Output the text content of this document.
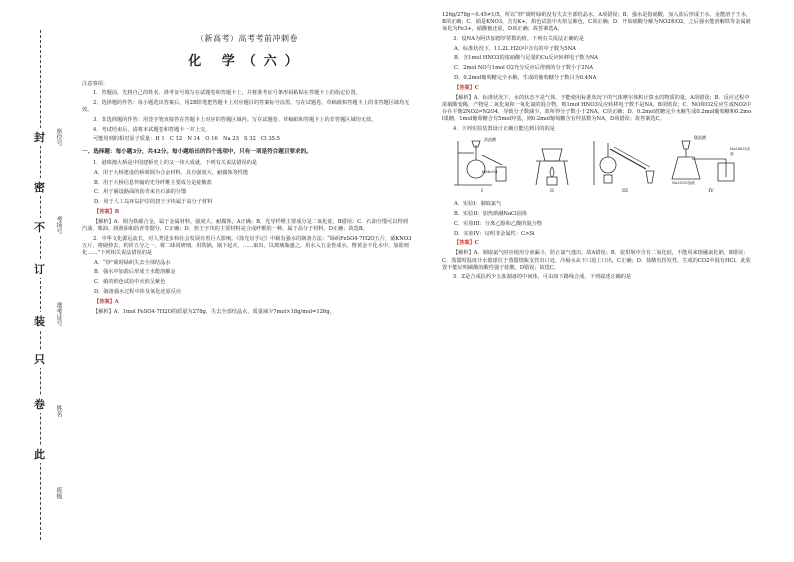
封
密
不
订
装
只
卷
此
座位号
考场号
准考证号
姓名
班级
（新高考）高考考前冲刺卷
化 学（六）

注意事项：

1．答题前，先将自己的姓名、准考证号填写在试题卷和答题卡上，并将准考证号条形码粘贴在答题卡上的指定位置。

2．选择题的作答：每小题选出答案后，用2B铅笔把答题卡上对应题目的答案标号涂黑，写在试题卷、草稿纸和答题卡上的非答题区域均无效。

3．非选择题的作答：用签字笔直接答在答题卡上对应的答题区域内。写在试题卷、草稿纸和答题卡上的非答题区域均无效。

4．考试结束后，请将本试题卷和答题卡一并上交。

可能用到的相对原子质量：H 1　C 12　N 14　O 16　Na 23　S 32　Cl 35.5

一、选择题：每小题3分，共42分。每小题给出的四个选项中，只有一项是符合题目要求的。

1．港珠澳大桥是中国建桥史上的又一伟大成就，下列有关说法错误的是

A．用于大桥建设的桥梁钢为合金材料，具有强度大、耐腐蚀等性能

B．用于大桥信息传输的光导纤维主要成分是硅酸盐

C．用于铺设路面的沥青来自石油的分馏

D．用于人工岛环岛护岸的扭王字块属于高分子材料

【答案】B

【解析】A．钢为铁碳合金，属于金属材料，强度大、耐腐蚀，A正确；B．光导纤维主要成分是二氧化硅，B错误；C．石油分馏可以得到汽油、柴油、润滑油和沥青等馏分，C正确；D．扭王字块的主要材料是合成纤维的一种，属于高分子材料，D正确；故选B。

2．中华文化源远流长，对人类进步和社会发展有着巨大影响。《徐光启手记》中载有强水的制备方法：“绿矾FeSO4·7H2O五斤，硝KNO3五斤，将砚炒去，约折五分之一。将二味同研细，用铁锅，锅下起火，……取出，以玻璃瓶盛之，用水入五金皆成水，惟黄金不化水中，加盐则化……”下列相关说法错误的是

A．“炒”砚时绿矾失去全部结晶水

B．强水中加盐后形成王水能溶解金

C．硝的焰色试验中火焰呈紫色

D．制备强水过程中涉及氧化还原反应

【答案】A

【解析】A．1mol FeSO4·7H2O的质量为278g，失去全部结晶水，质量减少7mol×18g/mol=126g，

126g/278g＝0.45≠1/5，所以“炒”砚时绿矾没有失去全部结晶水，A项错误；B．强水是指硝酸，加入盐后形成王水，金能溶于王水，B项正确；C．硝是KNO3，含有K+，焰色试验中火焰呈紫色，C项正确；D．开始硝酸分解为NO2和O2，之后强水能溶解铁等金属被氧化为Fe3+，硝酸被还原，D项正确；故答案选A。

3．设NA为阿伏加德罗常数的值。下列有关说法正确的是

A．标准状况下，11.2L H2O中含有的中子数为5NA

B．含1mol HNO3的浓硝酸与足量的Cu反应转移电子数为NA

C．2mol NO与1mol O2充分反应后得到的分子数小于2NA

D．0.2mol葡萄糖完全水解，生成的葡萄糖分子数目为0.4NA

【答案】C

【解析】A．标准状况下，水的状态不是气体，不能使用标准状况下的气体摩尔体积计算水的物质的量，A项错误；B．反应过程中浓硝酸变稀，产物是二氧化氮和一氧化氮的混合物，则1mol HNO3反应转移电子数不是NA，B项错误；C．NO和O2反应生成NO2中存在平衡2NO2⇌N2O4，导致分子数减少，故所得分子数小于2NA，C项正确；D．0.2mol蔗糖完全水解生成0.2mol葡萄糖和0.2mol果糖，1mol葡萄糖含有5mol羟基，则0.2mol葡萄糖含有羟基数为NA，D项错误；故答案选C。

4．下列实验装置设计正确且能达到目的的是

浓盐酸
KMnO4
I	II	III
稀盐酸
Na2CO3溶液
Na2SiO3溶液
IV

A．实验I：制取氯气

B．实验II：加热熔融NaCl固体

C．实验III：分离乙醇和乙酸的混合物

D．实验IV：证明非金属性：C>Si

【答案】C

【解析】A．制取氯气时应使用分液漏斗，防止氯气逸出，故A错误；B．瓷坩埚中含有二氧化硅，不能用来熔融氯化钠，B错误；C．蒸馏时温度计水银球位于蒸馏烧瓶支管出口处，冷凝水从下口进上口出，C正确；D．盐酸有挥发性，生成的CO2中混有HCl，此装置不能证明碳酸的酸性强于硅酸，D错误；故选C。

5．Z是合成抗药少五肽制备的中间体，可由如下路线合成，下列叙述正确的是
